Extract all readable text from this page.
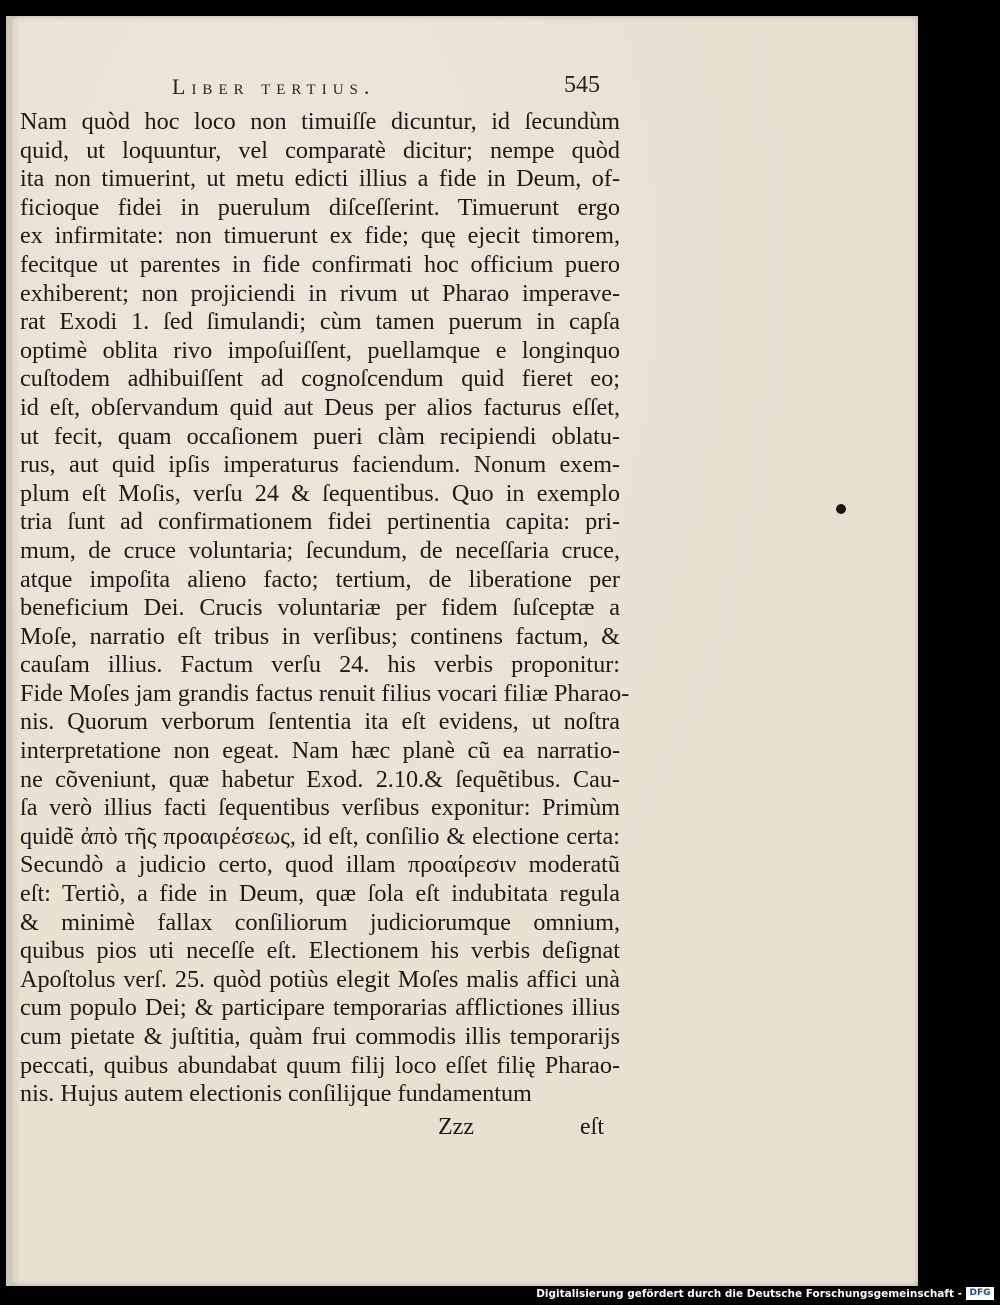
Liber tertius.	545
Nam quòd hoc loco non timuiſſe dicuntur, id ſecundùm
quid, ut loquuntur, vel comparatè dicitur; nempe quòd
ita non timuerint, ut metu edicti illius a fide in Deum, of-
ficioque fidei in puerulum diſceſſerint. Timuerunt ergo
ex infirmitate: non timuerunt ex fide; quę ejecit timorem,
fecitque ut parentes in fide confirmati hoc officium puero
exhiberent; non projiciendi in rivum ut Pharao imperave-
rat Exodi 1. ſed ſimulandi; cùm tamen puerum in capſa
optimè oblita rivo impoſuiſſent, puellamque e longinquo
cuſtodem adhibuiſſent ad cognoſcendum quid fieret eo;
id eſt, obſervandum quid aut Deus per alios facturus eſſet,
ut fecit, quam occaſionem pueri clàm recipiendi oblatu-
rus, aut quid ipſis imperaturus faciendum. Nonum exem-
plum eſt Moſis, verſu 24 & ſequentibus. Quo in exemplo
tria ſunt ad confirmationem fidei pertinentia capita: pri-
mum, de cruce voluntaria; ſecundum, de neceſſaria cruce,
atque impoſita alieno facto; tertium, de liberatione per
beneficium Dei. Crucis voluntariæ per fidem ſuſceptæ a
Moſe, narratio eſt tribus in verſibus; continens factum, &
cauſam illius. Factum verſu 24. his verbis proponitur:
Fide Moſes jam grandis factus renuit filius vocari filiæ Pharao-
nis. Quorum verborum ſententia ita eſt evidens, ut noſtra
interpretatione non egeat. Nam hæc planè cũ ea narratio-
ne cõveniunt, quæ habetur Exod. 2.10.& ſequẽtibus. Cau-
ſa verò illius facti ſequentibus verſibus exponitur: Primùm
quidẽ ἀπὸ τῆς προαιρέσεως, id eſt, conſilio & electione certa:
Secundò a judicio certo, quod illam προαίρεσιν moderatũ
eſt: Tertiò, a fide in Deum, quæ ſola eſt indubitata regula
& minimè fallax conſiliorum judiciorumque omnium,
quibus pios uti neceſſe eſt. Electionem his verbis deſignat
Apoſtolus verſ. 25. quòd potiùs elegit Moſes malis affici unà
cum populo Dei; & participare temporarias afflictiones illius
cum pietate & juſtitia, quàm frui commodis illis temporarijs
peccati, quibus abundabat quum filij loco eſſet filię Pharao-
nis. Hujus autem electionis conſilijque fundamentum
Zzz	eſt
Digitalisierung gefördert durch die Deutsche Forschungsgemeinschaft - DFG
